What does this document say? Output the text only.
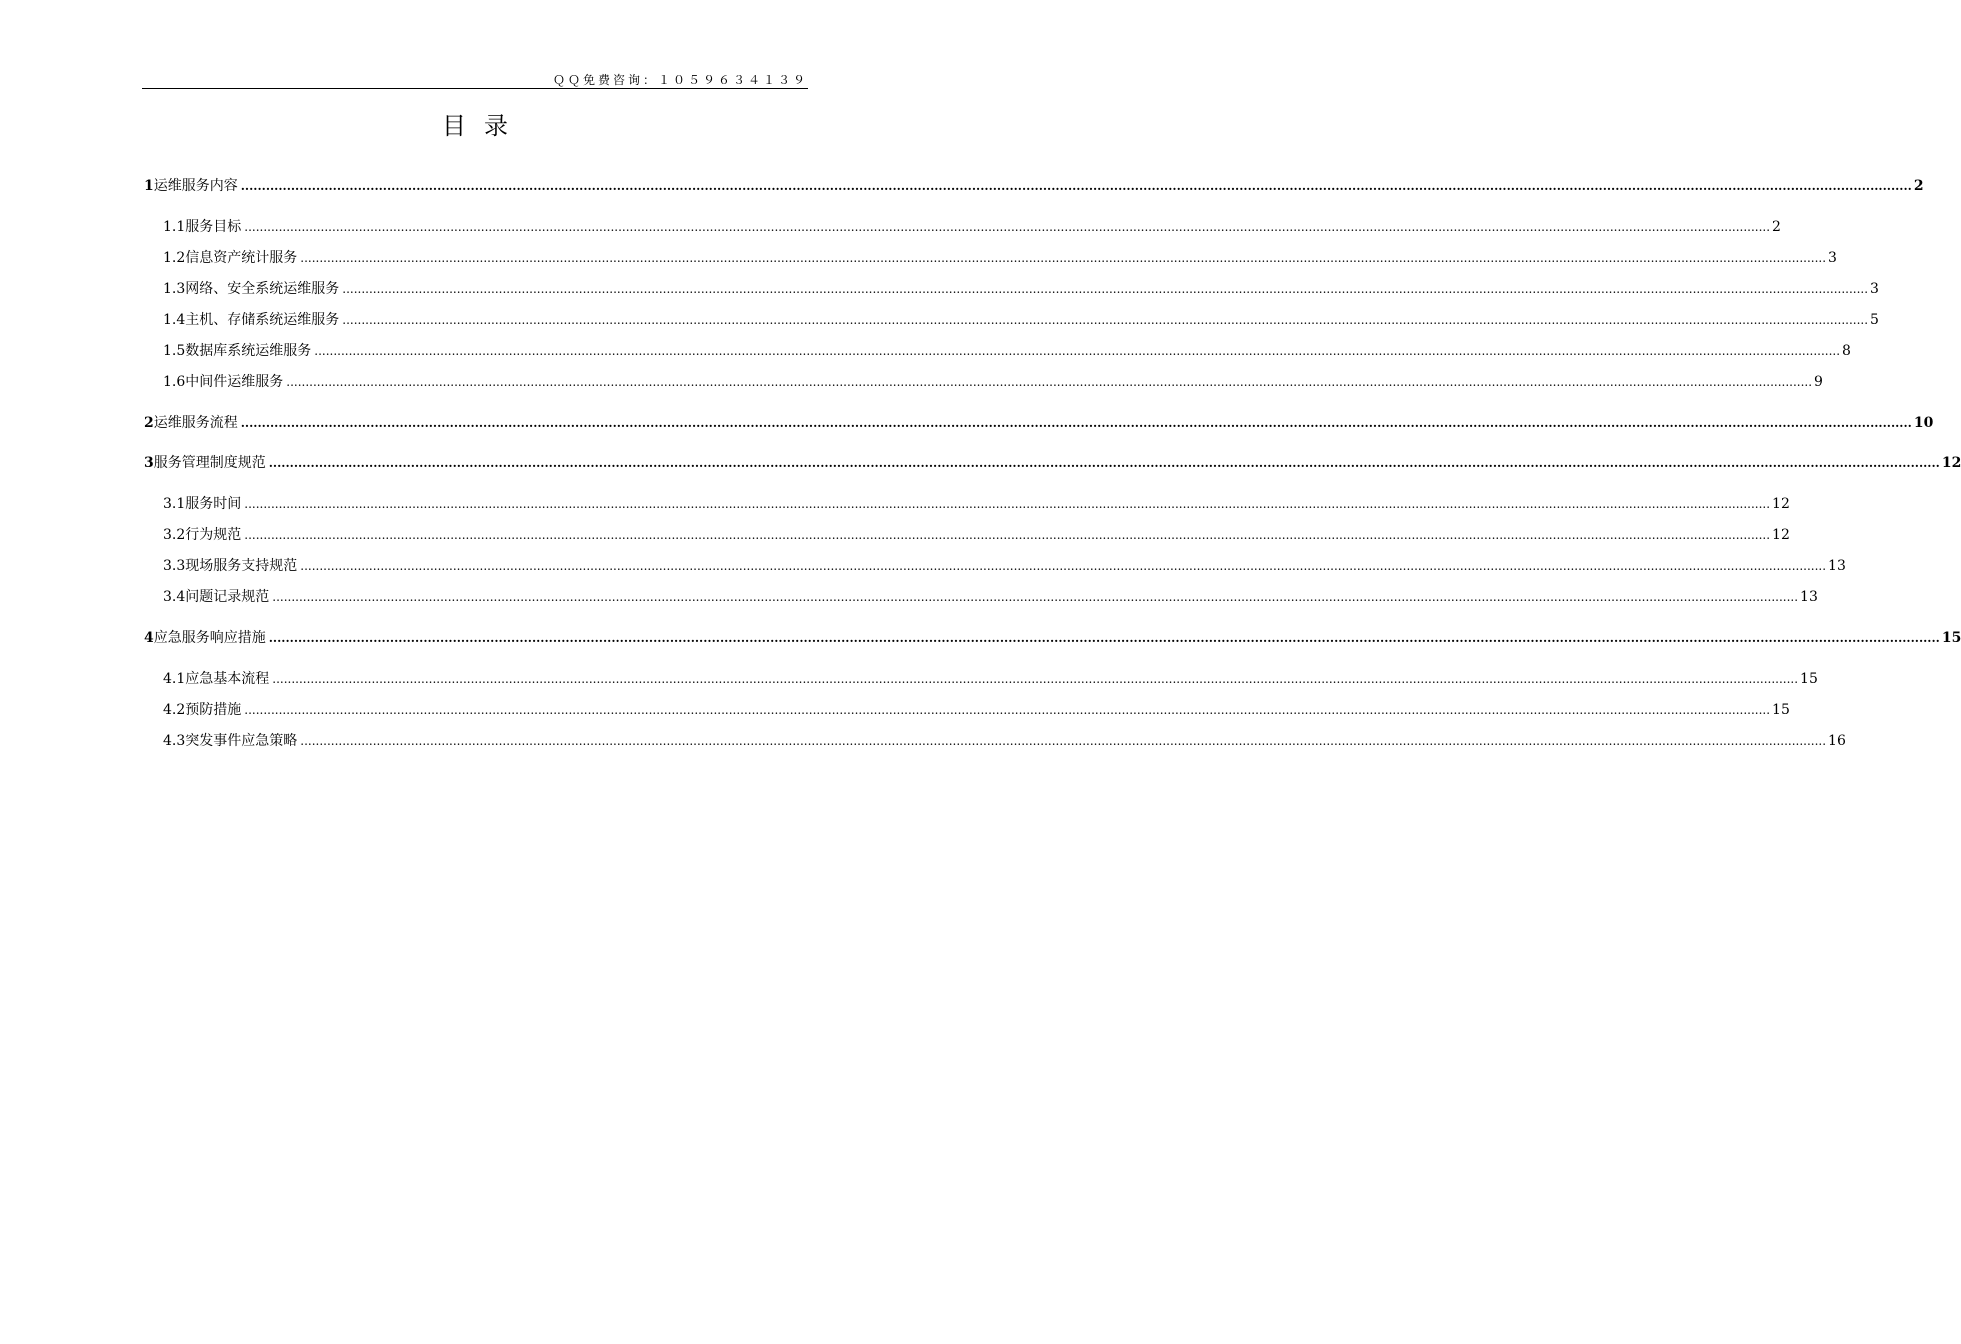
ＱＱ免费咨询：１０５９６３４１３９
目录
1 运维服务内容 ................................................................................................................................................................................................................................................................................................................................................................................................................ 2
1.1 服务目标 ................................................................................................................................................................................................................................................................................................................................................................................................................ 2
1.2 信息资产统计服务 ................................................................................................................................................................................................................................................................................................................................................................................................................ 3
1.3 网络、安全系统运维服务 ................................................................................................................................................................................................................................................................................................................................................................................................................ 3
1.4 主机、存储系统运维服务 ................................................................................................................................................................................................................................................................................................................................................................................................................ 5
1.5 数据库系统运维服务 ................................................................................................................................................................................................................................................................................................................................................................................................................ 8
1.6 中间件运维服务 ................................................................................................................................................................................................................................................................................................................................................................................................................ 9
2 运维服务流程 ................................................................................................................................................................................................................................................................................................................................................................................................................ 10
3 服务管理制度规范 ................................................................................................................................................................................................................................................................................................................................................................................................................ 12
3.1 服务时间 ................................................................................................................................................................................................................................................................................................................................................................................................................ 12
3.2 行为规范 ................................................................................................................................................................................................................................................................................................................................................................................................................ 12
3.3 现场服务支持规范 ................................................................................................................................................................................................................................................................................................................................................................................................................ 13
3.4 问题记录规范 ................................................................................................................................................................................................................................................................................................................................................................................................................ 13
4 应急服务响应措施 ................................................................................................................................................................................................................................................................................................................................................................................................................ 15
4.1 应急基本流程 ................................................................................................................................................................................................................................................................................................................................................................................................................ 15
4.2 预防措施 ................................................................................................................................................................................................................................................................................................................................................................................................................ 15
4.3 突发事件应急策略 ................................................................................................................................................................................................................................................................................................................................................................................................................ 16
